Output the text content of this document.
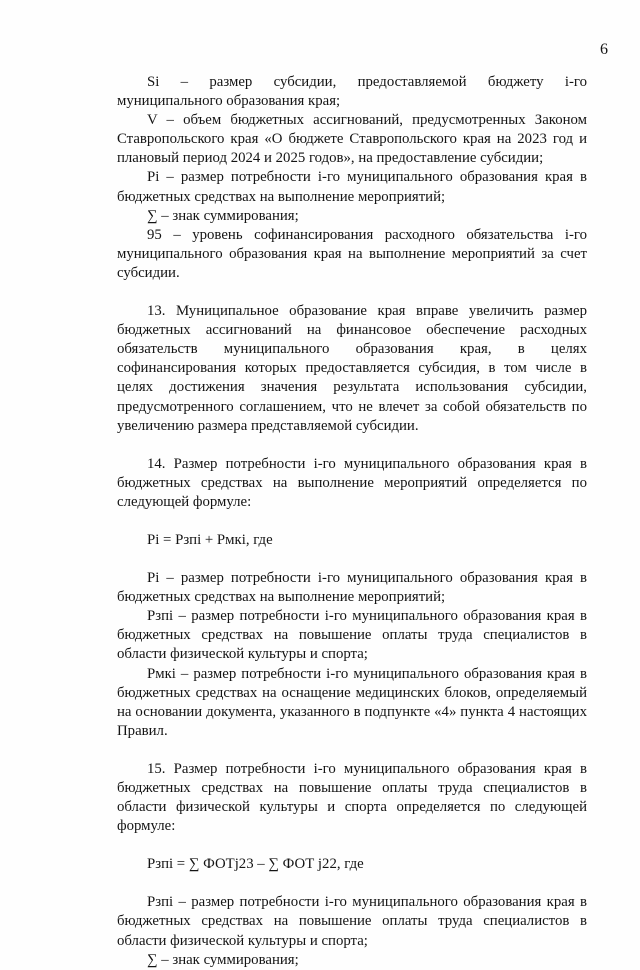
6

Si – размер субсидии, предоставляемой бюджету i-го муниципального образования края;

V – объем бюджетных ассигнований, предусмотренных Законом Ставропольского края «О бюджете Ставропольского края на 2023 год и плановый период 2024 и 2025 годов», на предоставление субсидии;

Pi – размер потребности i-го муниципального образования края в бюджетных средствах на выполнение мероприятий;

∑ – знак суммирования;

95 – уровень софинансирования расходного обязательства i-го муниципального образования края на выполнение мероприятий за счет субсидии.

13. Муниципальное образование края вправе увеличить размер бюджетных ассигнований на финансовое обеспечение расходных обязательств муниципального образования края, в целях софинансирования которых предоставляется субсидия, в том числе в целях достижения значения результата использования субсидии, предусмотренного соглашением, что не влечет за собой обязательств по увеличению размера представляемой субсидии.

14. Размер потребности i-го муниципального образования края в бюджетных средствах на выполнение мероприятий определяется по следующей формуле:

Pi = Pзпi + Pмкi, где

Pi – размер потребности i-го муниципального образования края в бюджетных средствах на выполнение мероприятий;

Pзпi – размер потребности i-го муниципального образования края в бюджетных средствах на повышение оплаты труда специалистов в области физической культуры и спорта;

Pмкi – размер потребности i-го муниципального образования края в бюджетных средствах на оснащение медицинских блоков, определяемый на основании документа, указанного в подпункте «4» пункта 4 настоящих Правил.

15. Размер потребности i-го муниципального образования края в бюджетных средствах на повышение оплаты труда специалистов в области физической культуры и спорта определяется по следующей формуле:

Pзпi = ∑ ФОТj23 – ∑ ФОТ j22, где

Pзпi – размер потребности i-го муниципального образования края в бюджетных средствах на повышение оплаты труда специалистов в области физической культуры и спорта;

∑ – знак суммирования;
